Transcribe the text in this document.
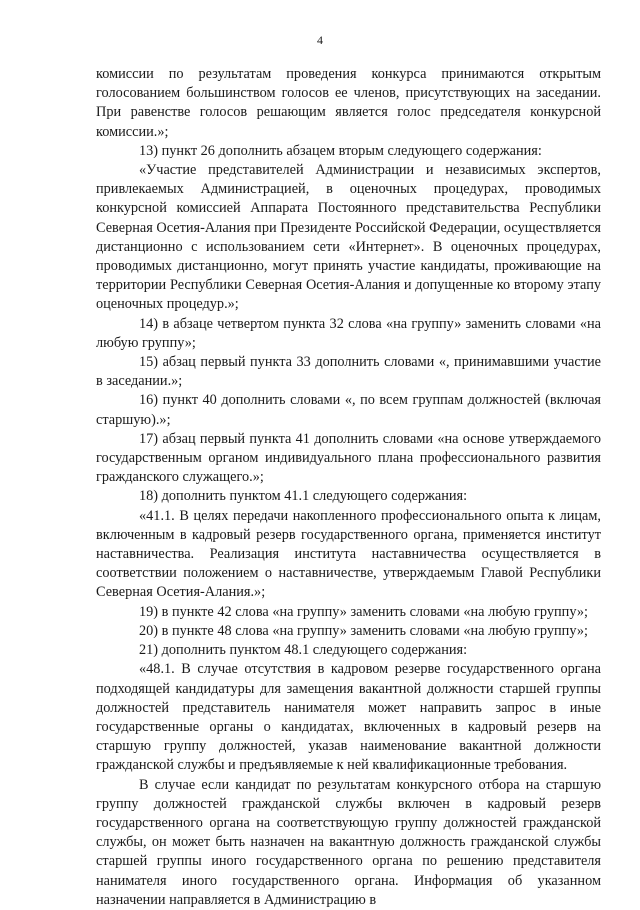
4

комиссии по результатам проведения конкурса принимаются открытым голосованием большинством голосов ее членов, присутствующих на заседании. При равенстве голосов решающим является голос председателя конкурсной комиссии.»;

13) пункт 26 дополнить абзацем вторым следующего содержания:

«Участие представителей Администрации и независимых экспертов, привлекаемых Администрацией, в оценочных процедурах, проводимых конкурсной комиссией Аппарата Постоянного представительства Республики Северная Осетия-Алания при Президенте Российской Федерации, осуществляется дистанционно с использованием сети «Интернет». В оценочных процедурах, проводимых дистанционно, могут принять участие кандидаты, проживающие на территории Республики Северная Осетия-Алания и допущенные ко второму этапу оценочных процедур.»;

14) в абзаце четвертом пункта 32 слова «на группу» заменить словами «на любую группу»;

15) абзац первый пункта 33 дополнить словами «, принимавшими участие в заседании.»;

16) пункт 40 дополнить словами «, по всем группам должностей (включая старшую).»;

17) абзац первый пункта 41 дополнить словами «на основе утверждаемого государственным органом индивидуального плана профессионального развития гражданского служащего.»;

18) дополнить пунктом 41.1 следующего содержания:

«41.1. В целях передачи накопленного профессионального опыта к лицам, включенным в кадровый резерв государственного органа, применяется институт наставничества. Реализация института наставничества осуществляется в соответствии положением о наставничестве, утверждаемым Главой Республики Северная Осетия-Алания.»;

19) в пункте 42 слова «на группу» заменить словами «на любую группу»;

20) в пункте 48 слова «на группу» заменить словами «на любую группу»;

21) дополнить пунктом 48.1 следующего содержания:

«48.1. В случае отсутствия в кадровом резерве государственного органа подходящей кандидатуры для замещения вакантной должности старшей группы должностей представитель нанимателя может направить запрос в иные государственные органы о кандидатах, включенных в кадровый резерв на старшую группу должностей, указав наименование вакантной должности гражданской службы и предъявляемые к ней квалификационные требования.

В случае если кандидат по результатам конкурсного отбора на старшую группу должностей гражданской службы включен в кадровый резерв государственного органа на соответствующую группу должностей гражданской службы, он может быть назначен на вакантную должность гражданской службы старшей группы иного государственного органа по решению представителя нанимателя иного государственного органа. Информация об указанном назначении направляется в Администрацию в
